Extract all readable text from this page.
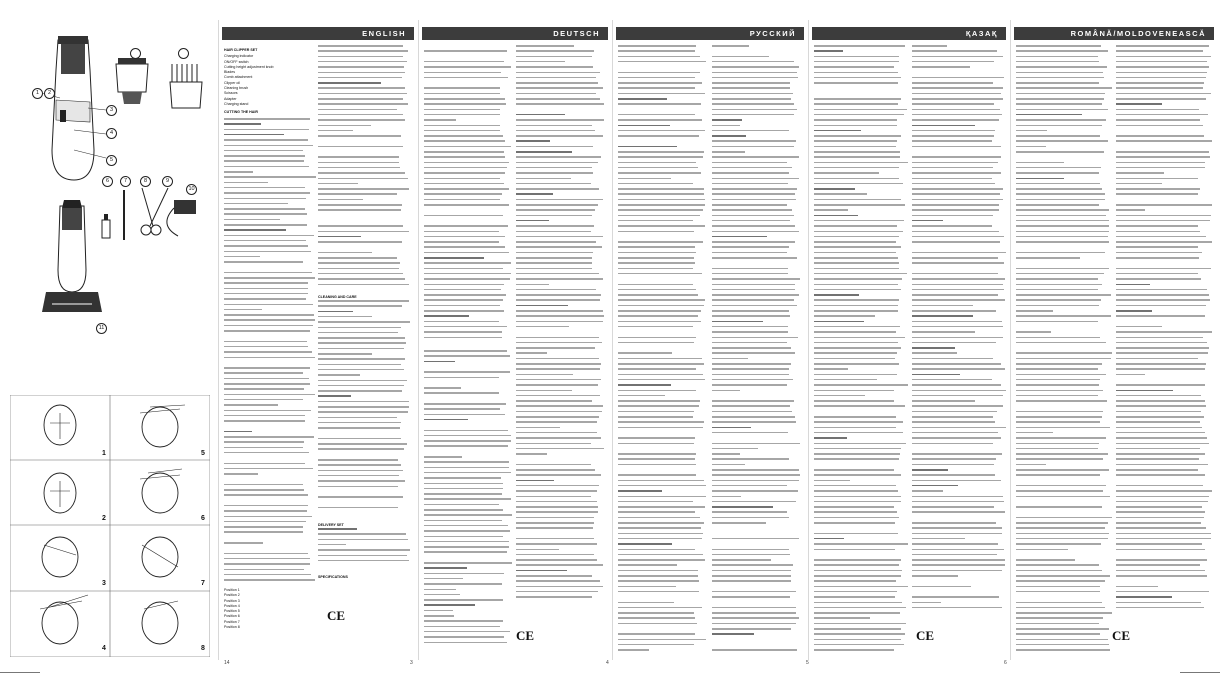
1	2
3
4
5
6	7	8	9
10
11
1
2
3
4
5
6
7
8
ENGLISH	DEUTSCH	РУССКИЙ	ҚАЗАҚ	ROMÂNĂ/MOLDOVENEASCĂ
HAIR CLIPPER SET
Charging indicator
ON/OFF switch
Cutting height adjustment knob
Blades
Comb attachment
Clipper oil
Cleaning brush
Scissors
Adapter
Charging stand
CUTTING THE HAIR
Position 1
Position 2
Position 3
Position 4
Position 5
Position 6
Position 7
Position 8
CLEANING AND CARE
DELIVERY SET
SPECIFICATIONS
CE
CE	CE	CE
14	3	4	5	6
